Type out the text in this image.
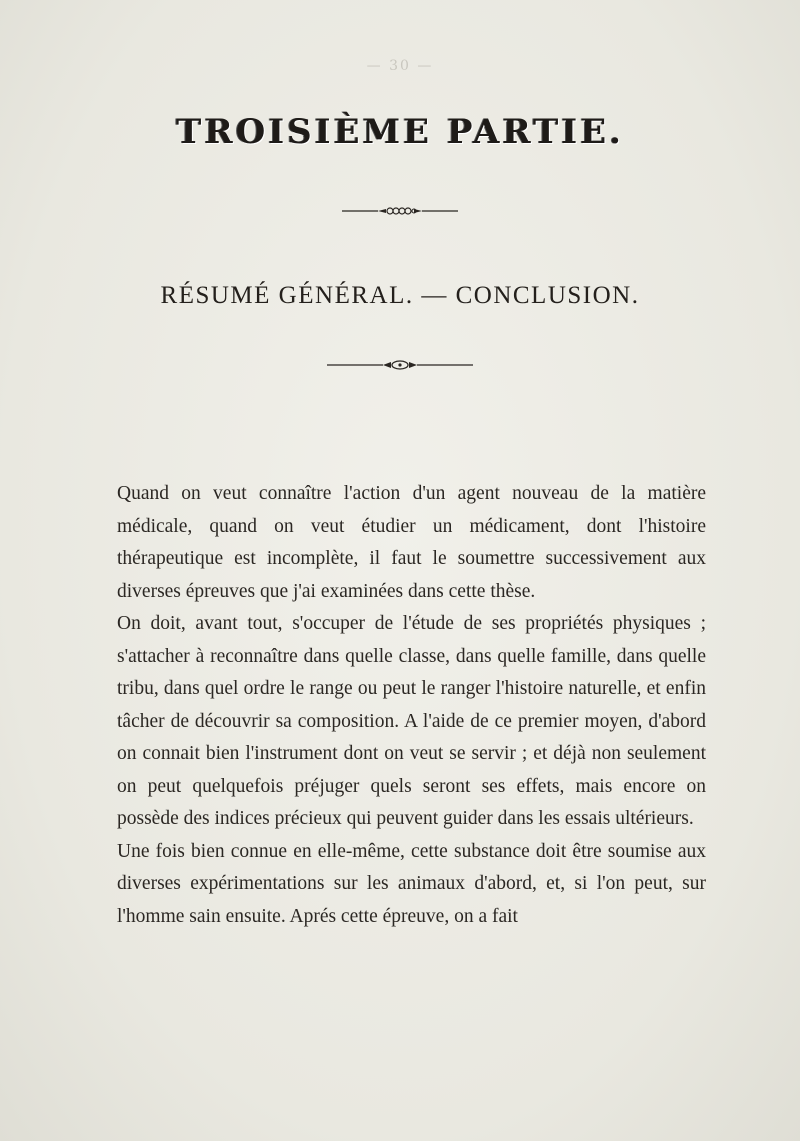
— 30 —
TROISIÈME PARTIE.
RÉSUMÉ GÉNÉRAL. — CONCLUSION.

Quand on veut connaître l'action d'un agent nouveau de la matière médicale, quand on veut étudier un médicament, dont l'histoire thérapeutique est incomplète, il faut le soumettre successivement aux diverses épreuves que j'ai examinées dans cette thèse.

On doit, avant tout, s'occuper de l'étude de ses propriétés physiques ; s'attacher à reconnaître dans quelle classe, dans quelle famille, dans quelle tribu, dans quel ordre le range ou peut le ranger l'histoire naturelle, et enfin tâcher de découvrir sa composition. A l'aide de ce premier moyen, d'abord on connait bien l'instrument dont on veut se servir ; et déjà non seulement on peut quelquefois préjuger quels seront ses effets, mais encore on possède des indices précieux qui peuvent guider dans les essais ultérieurs.

Une fois bien connue en elle-même, cette substance doit être soumise aux diverses expérimentations sur les animaux d'abord, et, si l'on peut, sur l'homme sain ensuite. Aprés cette épreuve, on a fait
